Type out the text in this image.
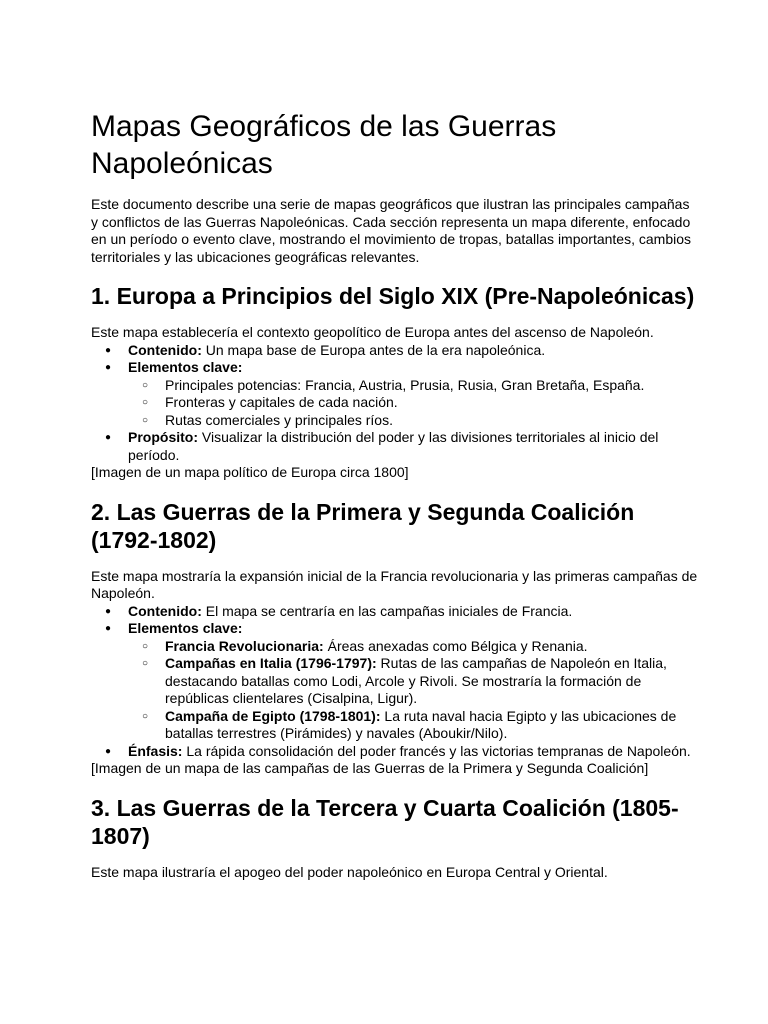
Mapas Geográficos de las Guerras Napoleónicas

Este documento describe una serie de mapas geográficos que ilustran las principales campañas y conflictos de las Guerras Napoleónicas. Cada sección representa un mapa diferente, enfocado en un período o evento clave, mostrando el movimiento de tropas, batallas importantes, cambios territoriales y las ubicaciones geográficas relevantes.

1. Europa a Principios del Siglo XIX (Pre-Napoleónicas)

Este mapa establecería el contexto geopolítico de Europa antes del ascenso de Napoleón.

● Contenido: Un mapa base de Europa antes de la era napoleónica.
● Elementos clave:
○ Principales potencias: Francia, Austria, Prusia, Rusia, Gran Bretaña, España.
○ Fronteras y capitales de cada nación.
○ Rutas comerciales y principales ríos.
● Propósito: Visualizar la distribución del poder y las divisiones territoriales al inicio del período.

[Imagen de un mapa político de Europa circa 1800]

2. Las Guerras de la Primera y Segunda Coalición (1792-1802)

Este mapa mostraría la expansión inicial de la Francia revolucionaria y las primeras campañas de Napoleón.

● Contenido: El mapa se centraría en las campañas iniciales de Francia.
● Elementos clave:
○ Francia Revolucionaria: Áreas anexadas como Bélgica y Renania.
○ Campañas en Italia (1796-1797): Rutas de las campañas de Napoleón en Italia, destacando batallas como Lodi, Arcole y Rivoli. Se mostraría la formación de repúblicas clientelares (Cisalpina, Ligur).
○ Campaña de Egipto (1798-1801): La ruta naval hacia Egipto y las ubicaciones de batallas terrestres (Pirámides) y navales (Aboukir/Nilo).
● Énfasis: La rápida consolidación del poder francés y las victorias tempranas de Napoleón.

[Imagen de un mapa de las campañas de las Guerras de la Primera y Segunda Coalición]

3. Las Guerras de la Tercera y Cuarta Coalición (1805-1807)

Este mapa ilustraría el apogeo del poder napoleónico en Europa Central y Oriental.
